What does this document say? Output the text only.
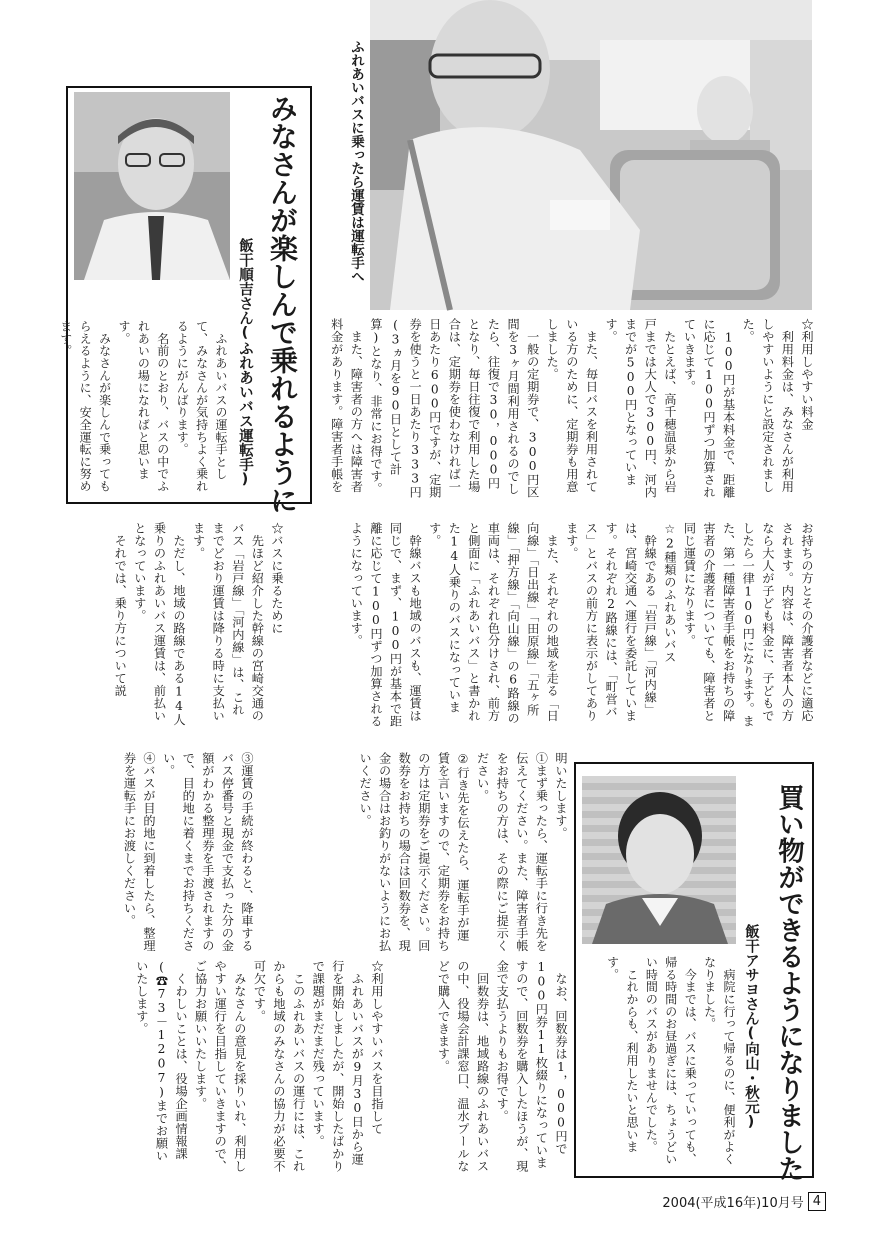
ふれあいバスに乗ったら運賃は運転手へ
みなさんが楽しんで乗れるように
飯干順吉さん(ふれあいバス運転手)
　ふれあいバスの運転手として、みなさんが気持ちよく乗れるようにがんばります。
　名前のとおり、バスの中でふれあいの場になればと思います。
　みなさんが楽しんで乗ってもらえるように、安全運転に努めます。	☆利用しやすい料金
　利用料金は、みなさんが利用しやすいようにと設定されました。
　100円が基本料金で、距離に応じて100円ずつ加算されていきます。
　たとえば、高千穂温泉から岩戸までは大人で300円、河内までが500円となっています。
　また、毎日バスを利用されている方のために、定期券も用意しました。
　一般の定期券で、300円区間を3ヶ月間利用されるのでしたら、往復で30，000円となり、毎日往復で利用した場合は、定期券を使わなければ一日あたり600円ですが、定期券を使うと一日あたり333円(3ヵ月を90日として計算)となり、非常にお得です。
　また、障害者の方へは障害者料金があります。障害者手帳を
お持ちの方とその介護者などに適応されます。内容は、障害者本人の方なら大人が子ども料金に、子どもでしたら一律100円になります。また、第一種障害者手帳をお持ちの障害者の介護者についても、障害者と同じ運賃になります。
☆2種類のふれあいバス
　幹線である「岩戸線」「河内線」は、宮崎交通へ運行を委託しています。それぞれ2路線には、「町営バス」とバスの前方に表示がしてあります。
　また、それぞれの地域を走る「日向線」「日出線」「田原線」「五ヶ所線」「押方線」「向山線」の6路線の車両は、それぞれ色分けされ、前方と側面に「ふれあいバス」と書かれた14人乗りのバスになっています。
　幹線バスも地域のバスも、運賃は同じで、まず、100円が基本で距離に応じて100円ずつ加算されるようになっています。
☆バスに乗るために
　先ほど紹介した幹線の宮崎交通のバス「岩戸線」「河内線」は、これまでどおり運賃は降りる時に支払います。
　ただし、地域の路線である14人乗りのふれあいバス運賃は、前払いとなっています。
　それでは、乗り方について説
明いたします。
①まず乗ったら、運転手に行き先を伝えてください。また、障害者手帳をお持ちの方は、その際にご提示ください。
②行き先を伝えたら、運転手が運賃を言いますので、定期券をお持ちの方は定期券をご提示ください。回数券をお持ちの場合は回数券を、現金の場合はお釣りがないようにお払いください。
③運賃の手続が終わると、降車するバス停番号と現金で支払った分の金額がわかる整理券を手渡されますので、目的地に着くまでお持ちください。
④バスが目的地に到着したら、整理券を運転手にお渡しください。
　なお、回数券は1，000円で100円券11枚綴りになっていますので、回数券を購入したほうが、現金で支払うよりもお得です。
　回数券は、地域路線のふれあいバスの中、役場会計課窓口、温水プールなどで購入できます。
☆利用しやすいバスを目指して
　ふれあいバスが9月30日から運行を開始しましたが、開始したばかりで課題がまだまだ残っています。
　このふれあいバスの運行には、これからも地域のみなさんの協力が必要不可欠です。
　みなさんの意見を採りいれ、利用しやすい運行を目指していきますので、ご協力お願いいたします。
　くわしいことは、役場企画情報課(☎73－1207)までお願いいたします。	買い物ができるようになりました
飯干アサヨさん(向山・秋元)
　病院に行って帰るのに、便利がよくなりました。
　今までは、バスに乗っていっても、帰る時間のお昼過ぎには、ちょうどいい時間のバスがありませんでした。
　これからも、利用したいと思います。
2004(平成16年)10月号 4
